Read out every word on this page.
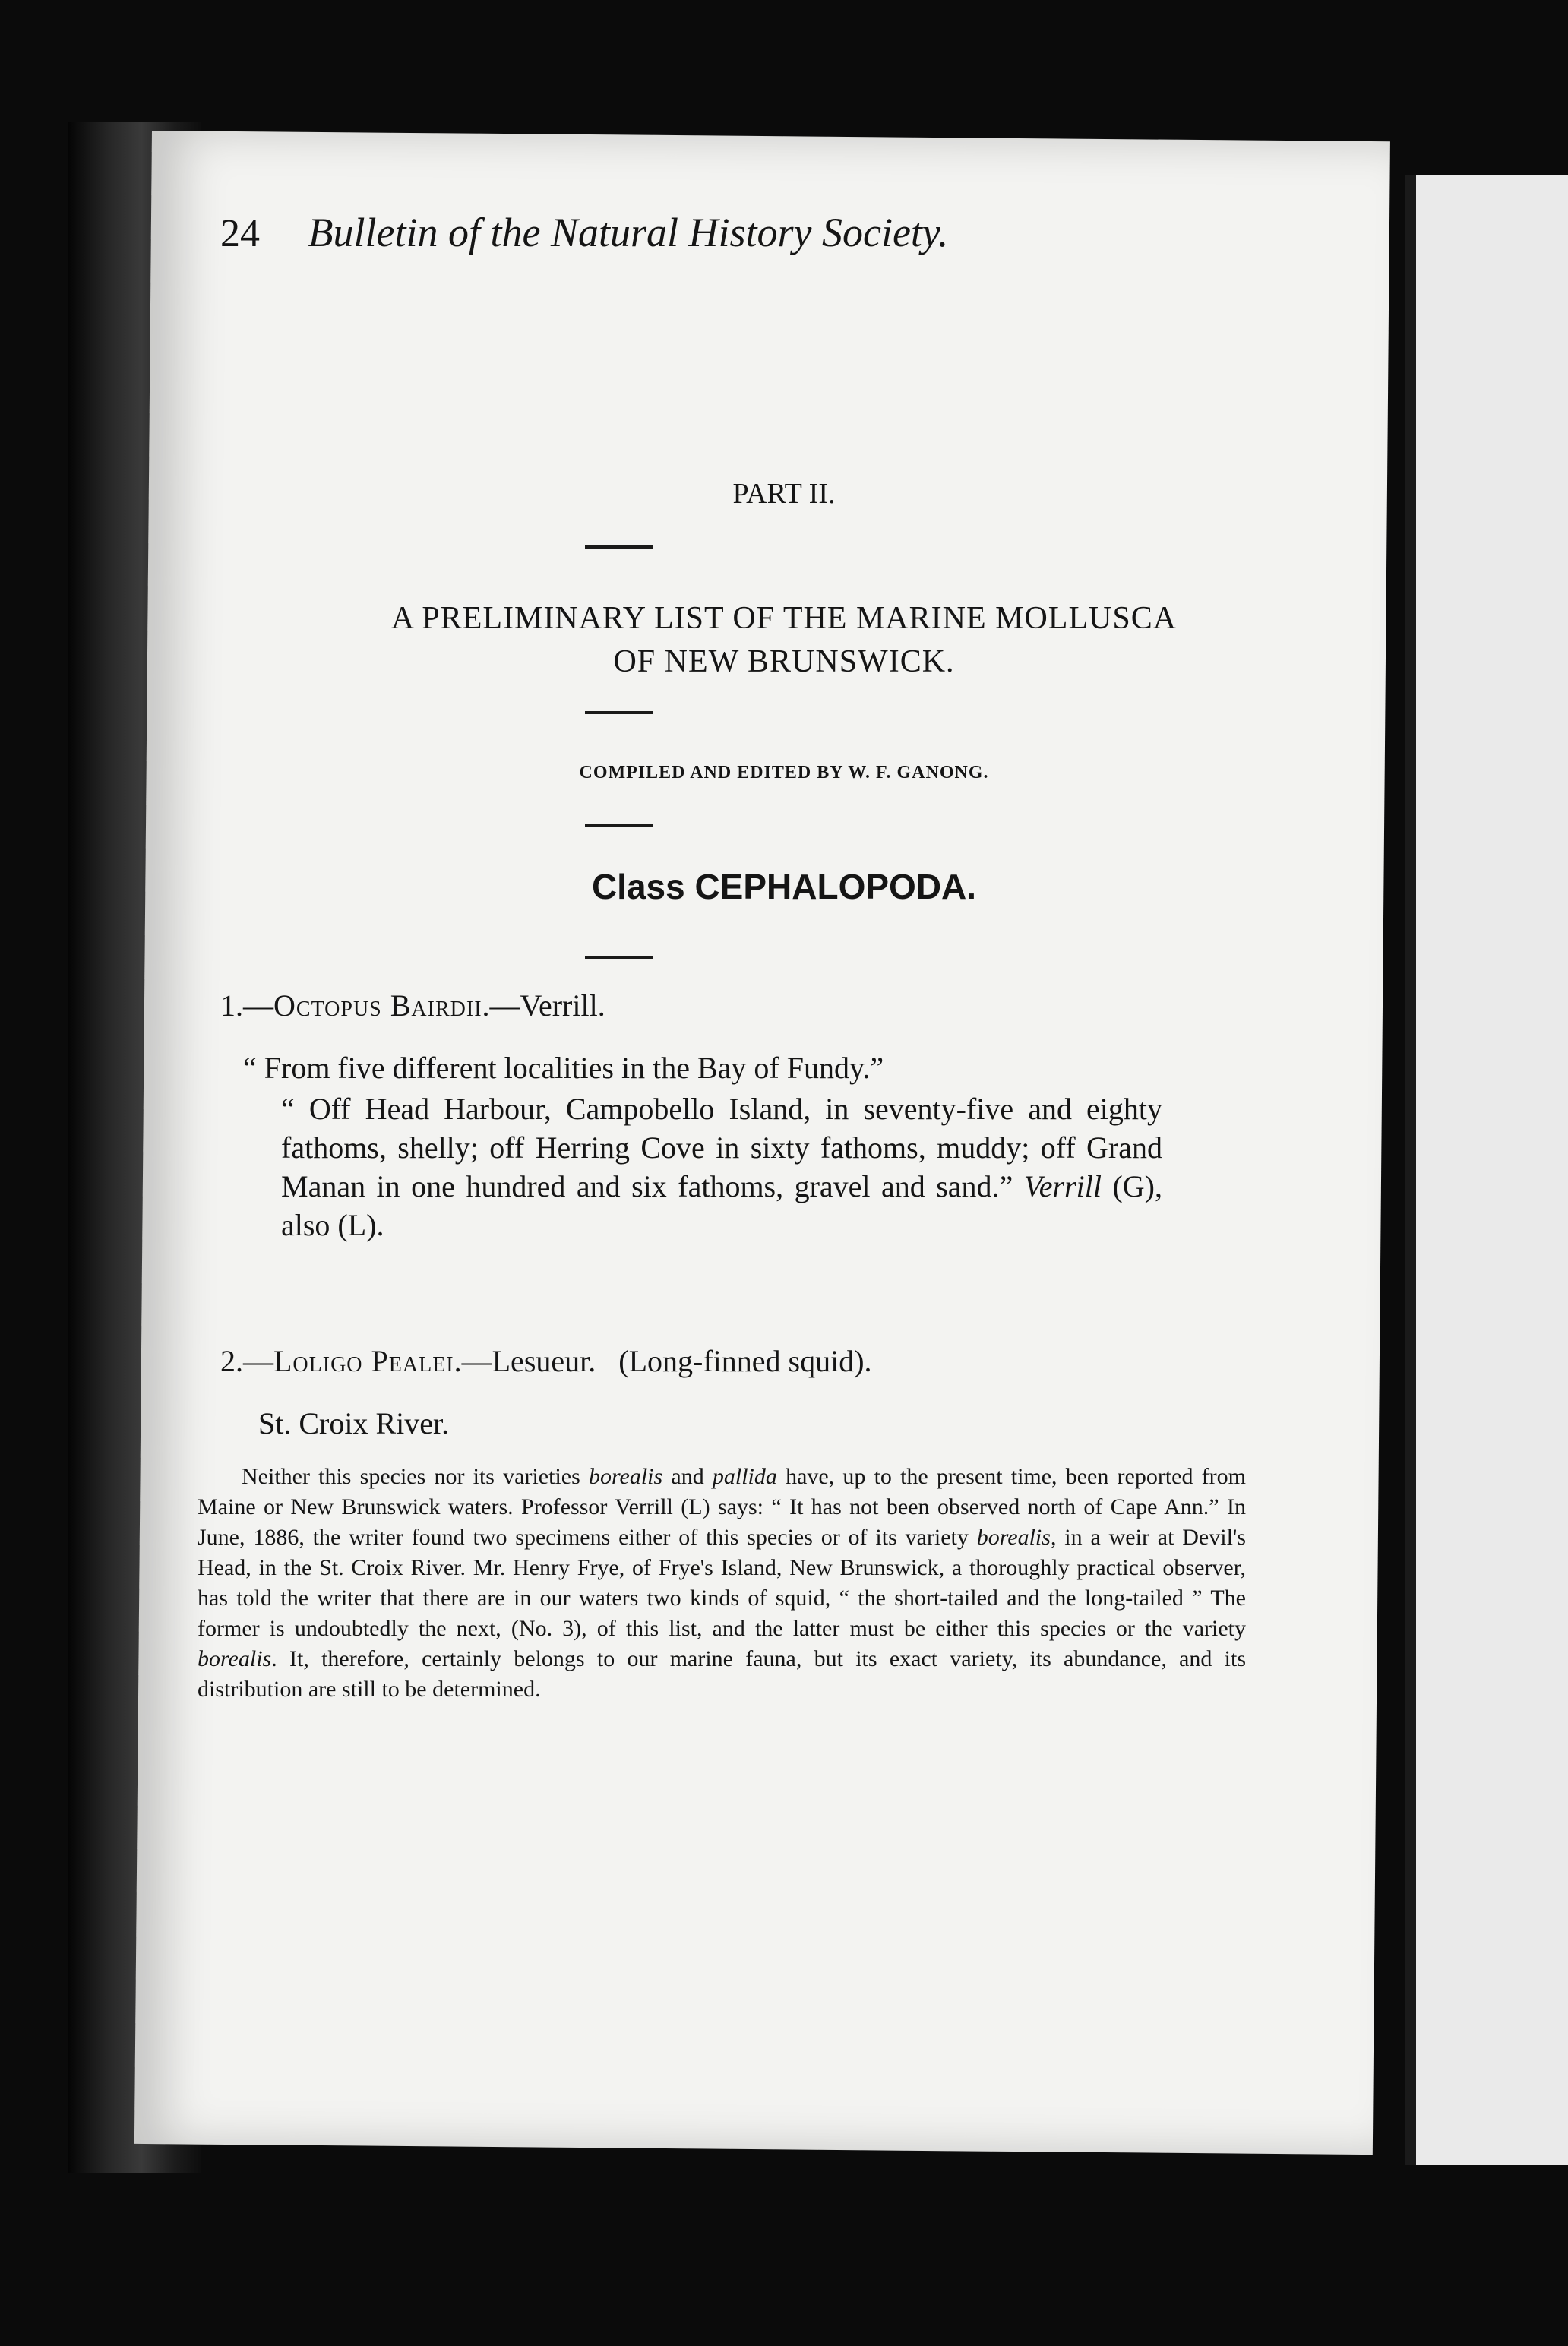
24 Bulletin of the Natural History Society.
PART II.
A PRELIMINARY LIST OF THE MARINE MOLLUSCA
OF NEW BRUNSWICK.
COMPILED AND EDITED BY W. F. GANONG.
Class CEPHALOPODA.
1.—Octopus Bairdii.—Verrill.
“ From five different localities in the Bay of Fundy.”
“ Off Head Harbour, Campobello Island, in seventy-five and eighty fathoms, shelly; off Herring Cove in sixty fathoms, muddy; off Grand Manan in one hundred and six fathoms, gravel and sand.” Verrill (G), also (L).
2.—Loligo Pealei.—Lesueur. (Long-finned squid).
St. Croix River.
Neither this species nor its varieties borealis and pallida have, up to the present time, been reported from Maine or New Brunswick waters. Professor Verrill (L) says: “ It has not been observed north of Cape Ann.” In June, 1886, the writer found two specimens either of this species or of its variety borealis, in a weir at Devil's Head, in the St. Croix River. Mr. Henry Frye, of Frye's Island, New Brunswick, a thoroughly practical observer, has told the writer that there are in our waters two kinds of squid, “ the short-tailed and the long-tailed ” The former is undoubtedly the next, (No. 3), of this list, and the latter must be either this species or the variety borealis. It, therefore, certainly belongs to our marine fauna, but its exact variety, its abundance, and its distribution are still to be determined.
